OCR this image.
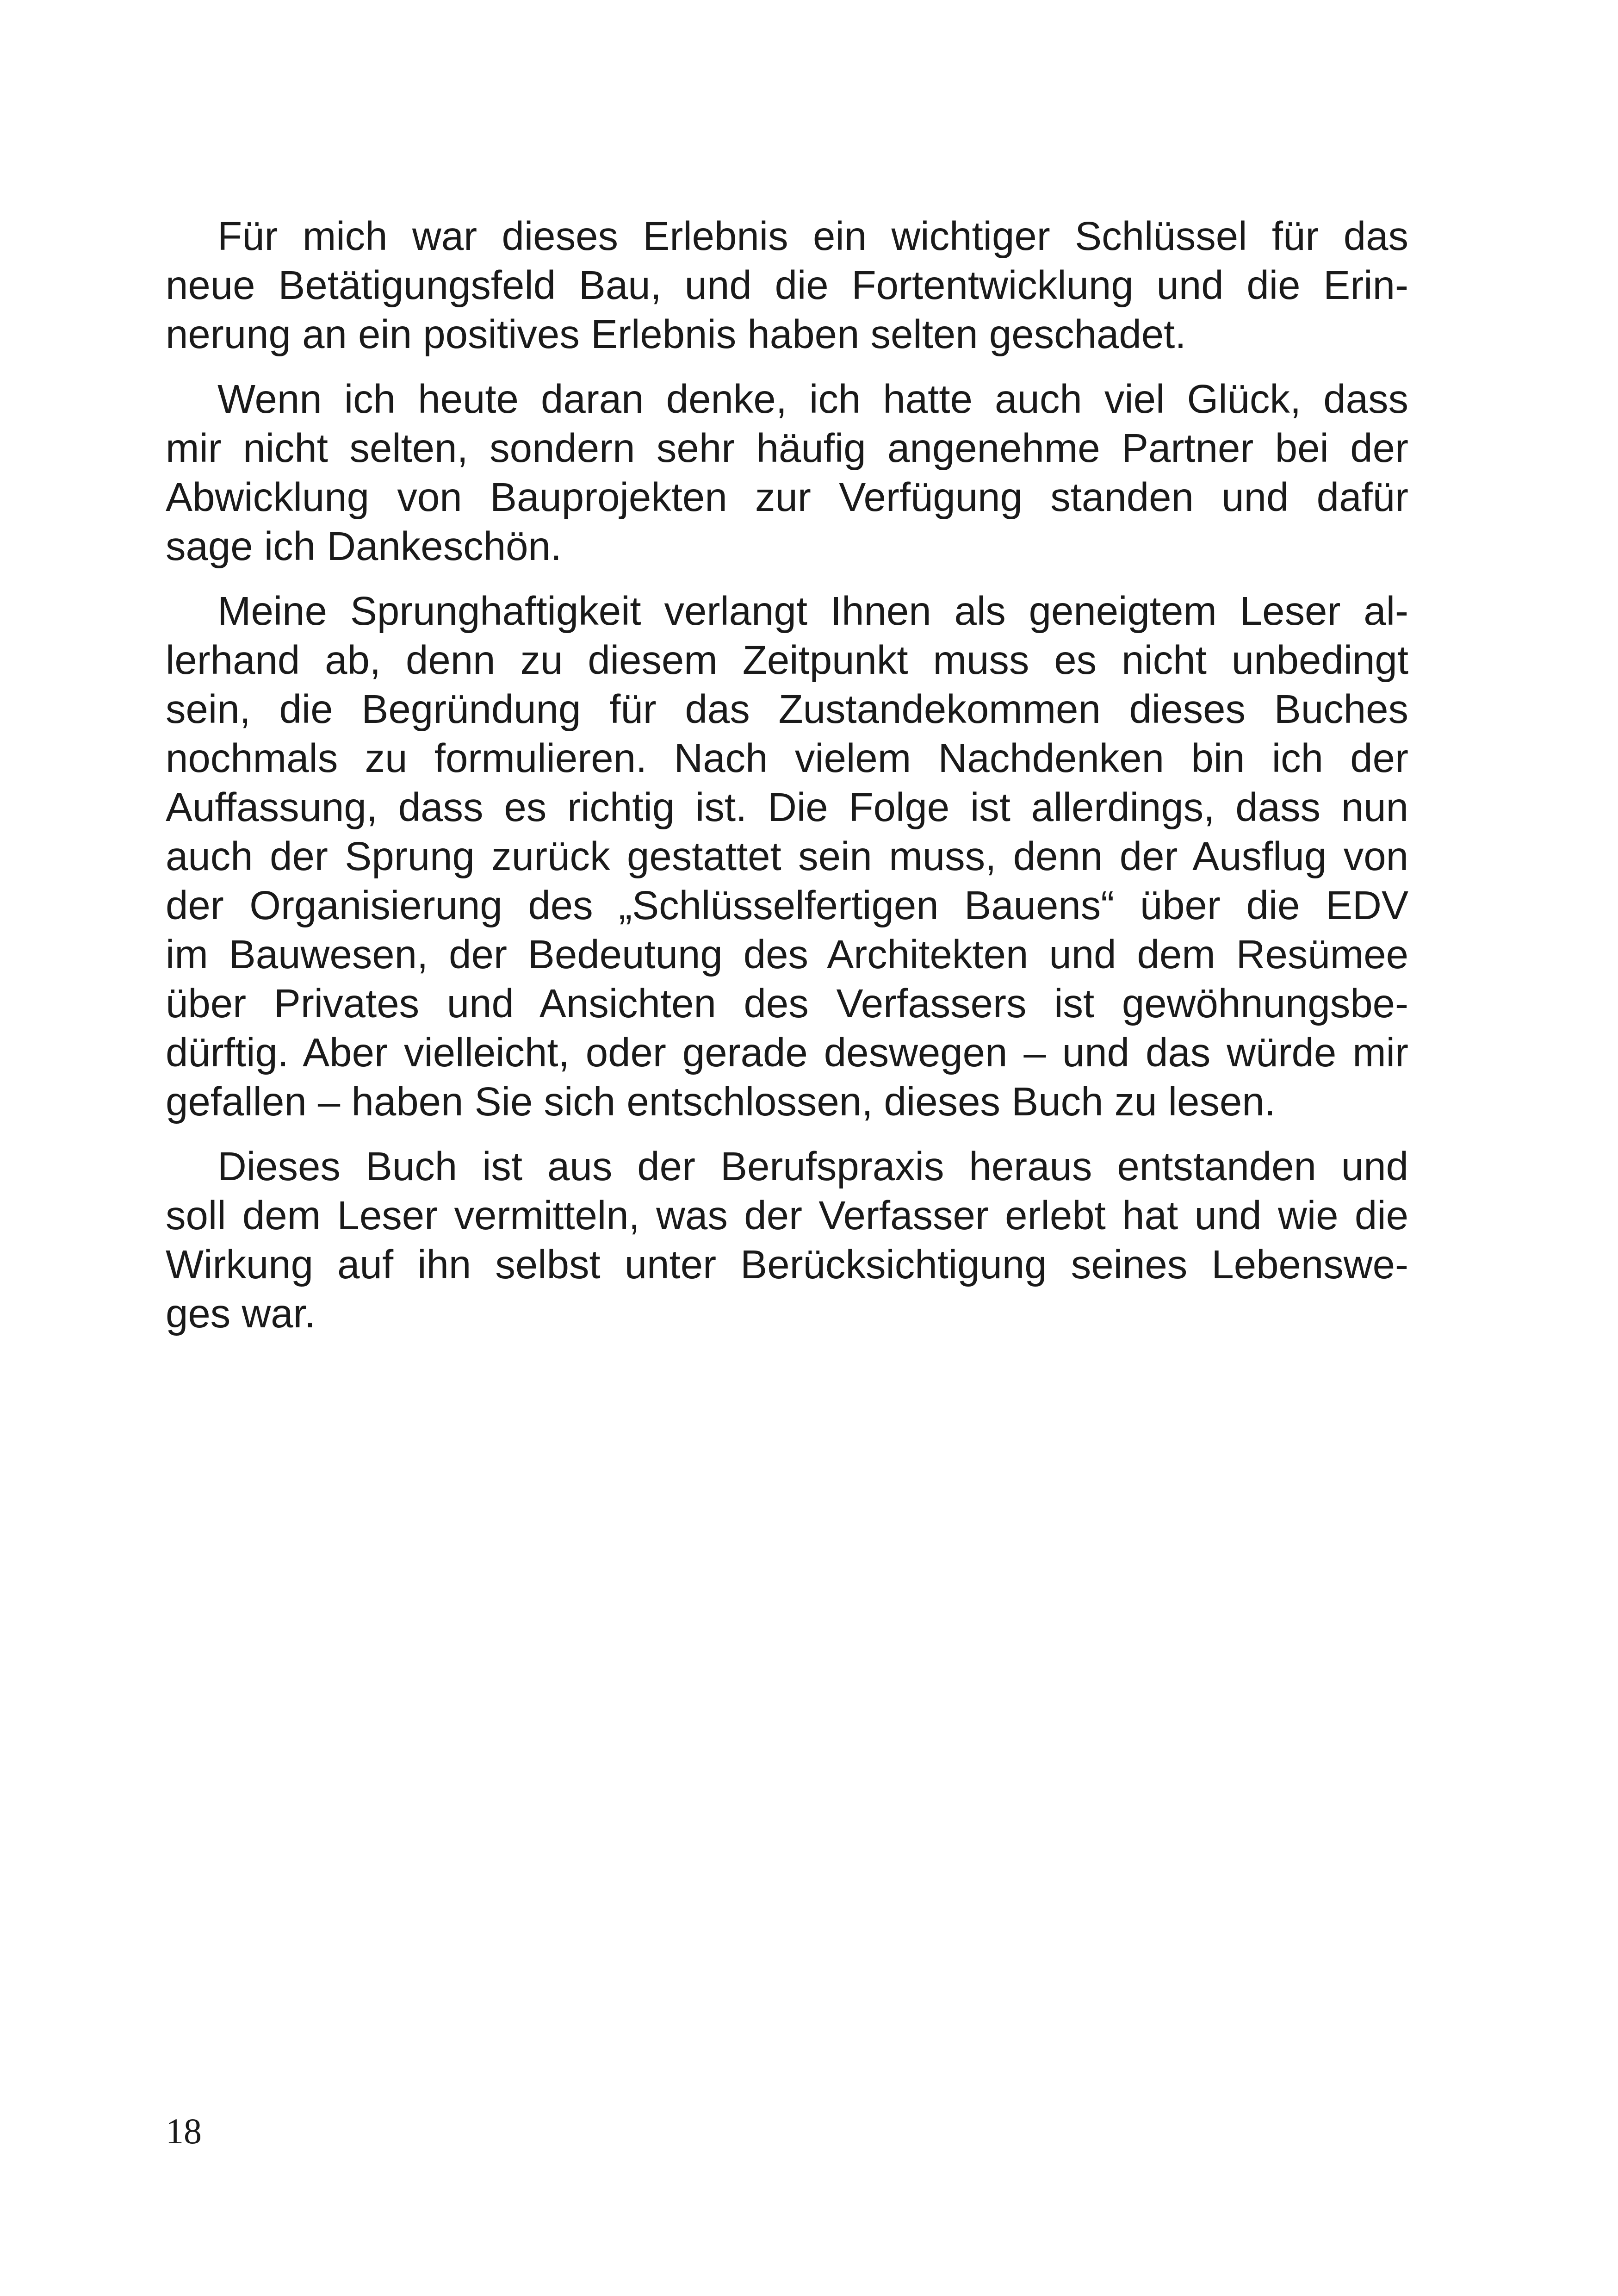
Für mich war dieses Erlebnis ein wichtiger Schlüssel für das
neue Betätigungsfeld Bau, und die Fortentwicklung und die Erin-
nerung an ein positives Erlebnis haben selten geschadet.

Wenn ich heute daran denke, ich hatte auch viel Glück, dass
mir nicht selten, sondern sehr häufig angenehme Partner bei der
Abwicklung von Bauprojekten zur Verfügung standen und dafür
sage ich Dankeschön.

Meine Sprunghaftigkeit verlangt Ihnen als geneigtem Leser al-
lerhand ab, denn zu diesem Zeitpunkt muss es nicht unbedingt
sein, die Begründung für das Zustandekommen dieses Buches
nochmals zu formulieren. Nach vielem Nachdenken bin ich der
Auffassung, dass es richtig ist. Die Folge ist allerdings, dass nun
auch der Sprung zurück gestattet sein muss, denn der Ausflug von
der Organisierung des „Schlüsselfertigen Bauens“ über die EDV
im Bauwesen, der Bedeutung des Architekten und dem Resümee
über Privates und Ansichten des Verfassers ist gewöhnungsbe-
dürftig. Aber vielleicht, oder gerade deswegen – und das würde mir
gefallen – haben Sie sich entschlossen, dieses Buch zu lesen.

Dieses Buch ist aus der Berufspraxis heraus entstanden und
soll dem Leser vermitteln, was der Verfasser erlebt hat und wie die
Wirkung auf ihn selbst unter Berücksichtigung seines Lebenswe-
ges war.

18
